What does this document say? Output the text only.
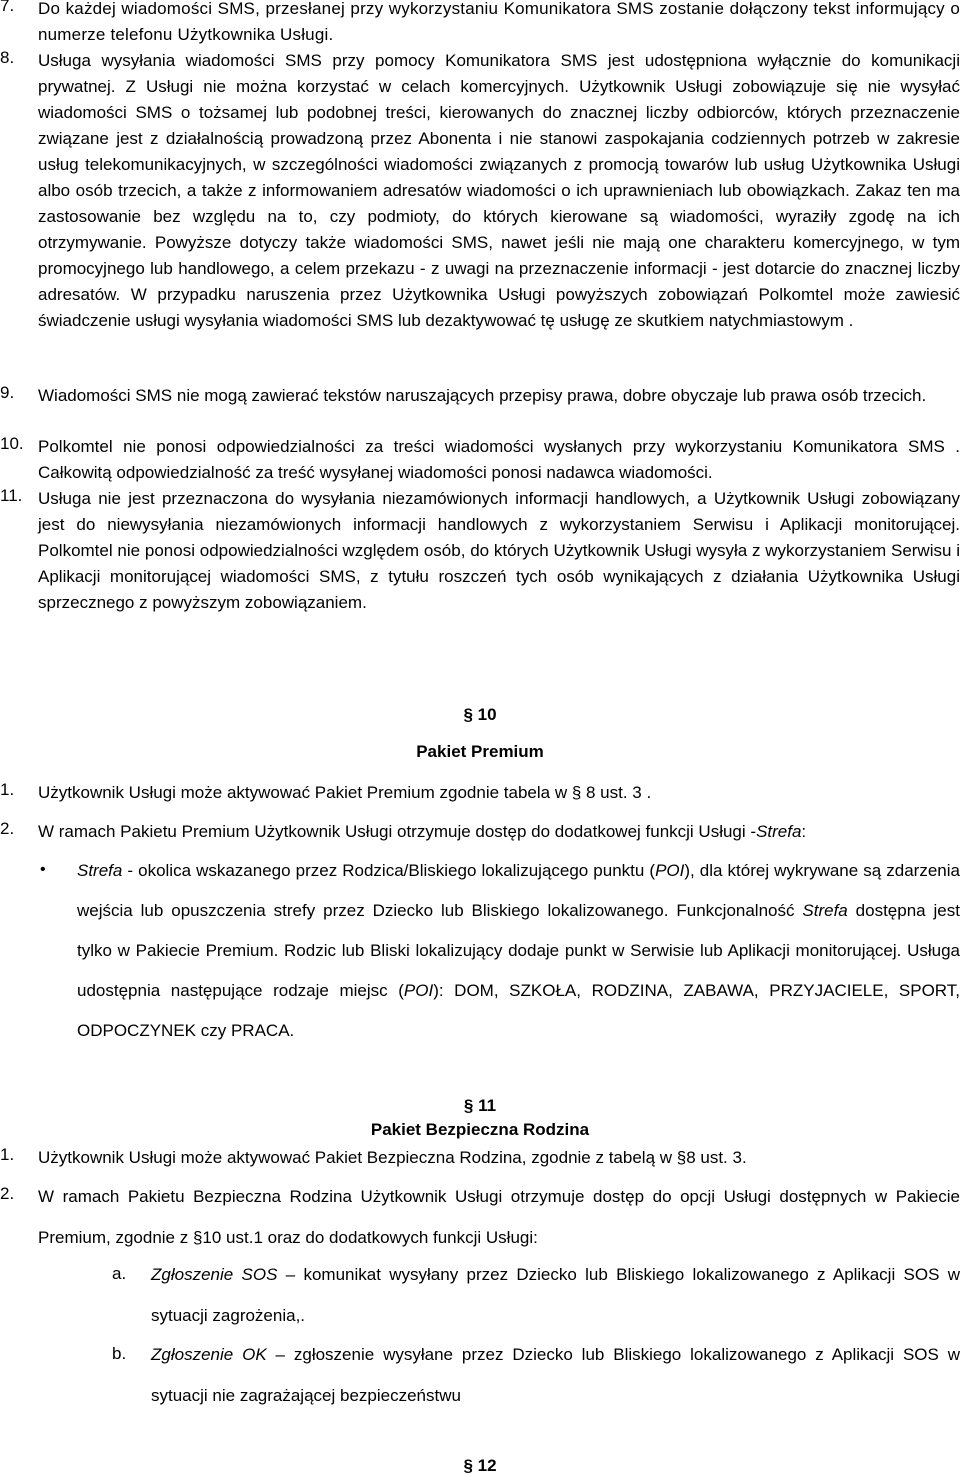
7. Do każdej wiadomości SMS, przesłanej przy wykorzystaniu Komunikatora SMS zostanie dołączony tekst informujący o numerze telefonu Użytkownika Usługi.
8. Usługa wysyłania wiadomości SMS przy pomocy Komunikatora SMS jest udostępniona wyłącznie do komunikacji prywatnej. Z Usługi nie można korzystać w celach komercyjnych. Użytkownik Usługi zobowiązuje się nie wysyłać wiadomości SMS o tożsamej lub podobnej treści, kierowanych do znacznej liczby odbiorców, których przeznaczenie związane jest z działalnością prowadzoną przez Abonenta i nie stanowi zaspokajania codziennych potrzeb w zakresie usług telekomunikacyjnych, w szczególności wiadomości związanych z promocją towarów lub usług Użytkownika Usługi albo osób trzecich, a także z informowaniem adresatów wiadomości o ich uprawnieniach lub obowiązkach. Zakaz ten ma zastosowanie bez względu na to, czy podmioty, do których kierowane są wiadomości, wyraziły zgodę na ich otrzymywanie. Powyższe dotyczy także wiadomości SMS, nawet jeśli nie mają one charakteru komercyjnego, w tym promocyjnego lub handlowego, a celem przekazu - z uwagi na przeznaczenie informacji - jest dotarcie do znacznej liczby adresatów. W przypadku naruszenia przez Użytkownika Usługi powyższych zobowiązań Polkomtel może zawiesić świadczenie usługi wysyłania wiadomości SMS lub dezaktywować tę usługę ze skutkiem natychmiastowym .
9. Wiadomości SMS nie mogą zawierać tekstów naruszających przepisy prawa, dobre obyczaje lub prawa osób trzecich.
10. Polkomtel nie ponosi odpowiedzialności za treści wiadomości wysłanych przy wykorzystaniu Komunikatora SMS . Całkowitą odpowiedzialność za treść wysyłanej wiadomości ponosi nadawca wiadomości.
11. Usługa nie jest przeznaczona do wysyłania niezamówionych informacji handlowych, a Użytkownik Usługi zobowiązany jest do niewysyłania niezamówionych informacji handlowych z wykorzystaniem Serwisu i Aplikacji monitorującej. Polkomtel nie ponosi odpowiedzialności względem osób, do których Użytkownik Usługi wysyła z wykorzystaniem Serwisu i Aplikacji monitorującej wiadomości SMS, z tytułu roszczeń tych osób wynikających z działania Użytkownika Usługi sprzecznego z powyższym zobowiązaniem.
§ 10
Pakiet Premium
1. Użytkownik Usługi może aktywować Pakiet Premium zgodnie tabela w § 8 ust. 3 .
2. W ramach Pakietu Premium Użytkownik Usługi otrzymuje dostęp do dodatkowej funkcji Usługi -Strefa:
• Strefa - okolica wskazanego przez Rodzica/Bliskiego lokalizującego punktu (POI), dla której wykrywane są zdarzenia wejścia lub opuszczenia strefy przez Dziecko lub Bliskiego lokalizowanego. Funkcjonalność Strefa dostępna jest tylko w Pakiecie Premium. Rodzic lub Bliski lokalizujący dodaje punkt w Serwisie lub Aplikacji monitorującej. Usługa udostępnia następujące rodzaje miejsc (POI): DOM, SZKOŁA, RODZINA, ZABAWA, PRZYJACIELE, SPORT, ODPOCZYNEK czy PRACA.
§ 11
Pakiet Bezpieczna Rodzina
1. Użytkownik Usługi może aktywować Pakiet Bezpieczna Rodzina, zgodnie z tabelą w §8 ust. 3.
2. W ramach Pakietu Bezpieczna Rodzina Użytkownik Usługi otrzymuje dostęp do opcji Usługi dostępnych w Pakiecie Premium, zgodnie z §10 ust.1 oraz do dodatkowych funkcji Usługi:
a. Zgłoszenie SOS – komunikat wysyłany przez Dziecko lub Bliskiego lokalizowanego z Aplikacji SOS w sytuacji zagrożenia,.
b. Zgłoszenie OK – zgłoszenie wysyłane przez Dziecko lub Bliskiego lokalizowanego z Aplikacji SOS w sytuacji nie zagrażającej bezpieczeństwu
§ 12
